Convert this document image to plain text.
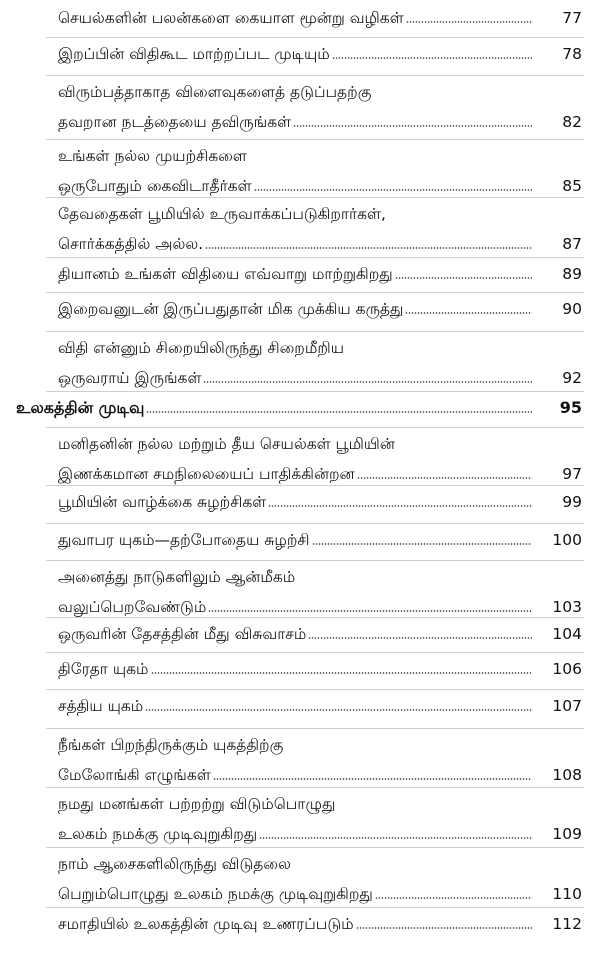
செயல்களின் பலன்களை கையாள மூன்று வழிகள்	77
இறப்பின் விதிகூட மாற்றப்பட முடியும்	78
விரும்பத்தாகாத விளைவுகளைத் தடுப்பதற்கு
தவறான நடத்தையை தவிருங்கள்	82
உங்கள் நல்ல முயற்சிகளை
ஒருபோதும் கைவிடாதீர்கள்	85
தேவதைகள் பூமியில் உருவாக்கப்படுகிறார்கள்,
சொர்க்கத்தில் அல்ல.	87
தியானம் உங்கள் விதியை எவ்வாறு மாற்றுகிறது	89
இறைவனுடன் இருப்பதுதான் மிக முக்கிய கருத்து	90
விதி என்னும் சிறையிலிருந்து சிறைமீறிய
ஒருவராய் இருங்கள்	92
உலகத்தின் முடிவு	95
மனிதனின் நல்ல மற்றும் தீய செயல்கள் பூமியின்
இணக்கமான சமநிலையைப் பாதிக்கின்றன	97
பூமியின் வாழ்க்கை சுழற்சிகள்	99
துவாபர யுகம்—தற்போதைய சுழற்சி	100
அனைத்து நாடுகளிலும் ஆன்மீகம்
வலுப்பெறவேண்டும்	103
ஒருவரின் தேசத்தின் மீது விசுவாசம்	104
திரேதா யுகம்	106
சத்திய யுகம்	107
நீங்கள் பிறந்திருக்கும் யுகத்திற்கு
மேலோங்கி எழுங்கள்	108
நமது மனங்கள் பற்றற்று விடும்பொழுது
உலகம் நமக்கு முடிவுறுகிறது	109
நாம் ஆசைகளிலிருந்து விடுதலை
பெறும்பொழுது உலகம் நமக்கு முடிவுறுகிறது	110
சமாதியில் உலகத்தின் முடிவு உணரப்படும்	112
